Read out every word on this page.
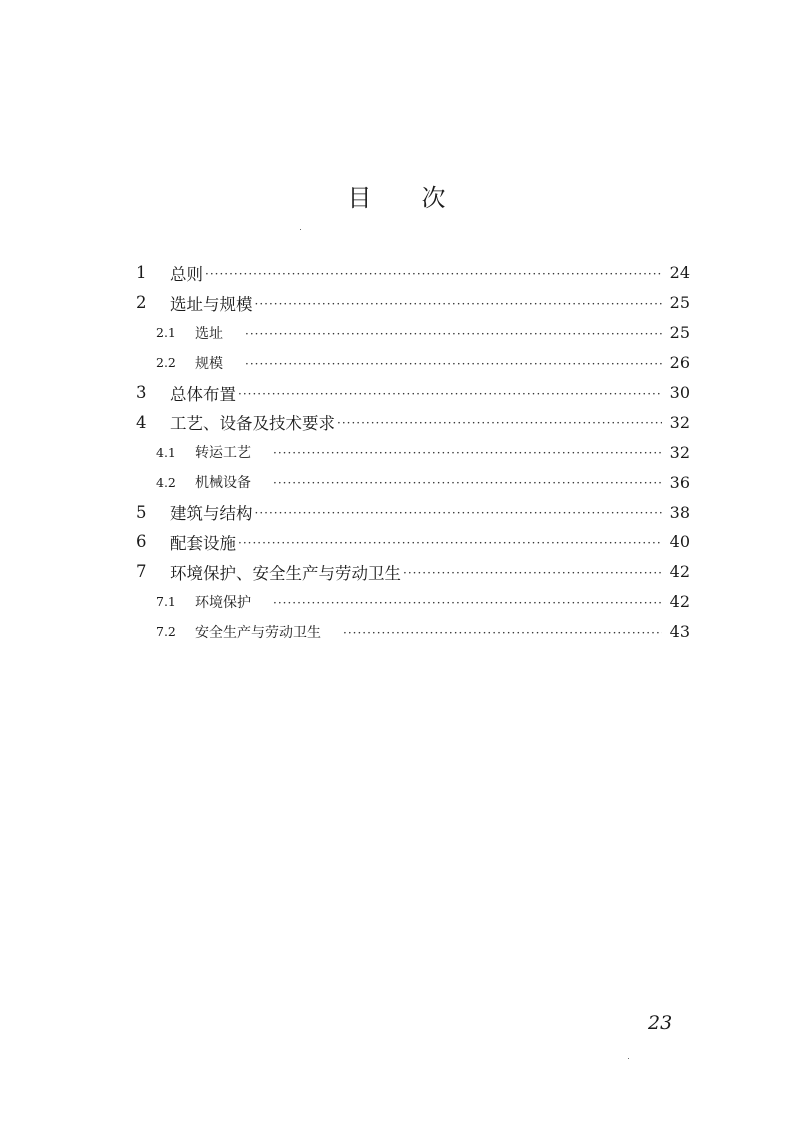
目 次
1	总则 ·····	24
2	选址与规模 ·····	25
2.1	选址 ·····	25
2.2	规模 ·····	26
3	总体布置 ·····	30
4	工艺、设备及技术要求 ·····	32
4.1	转运工艺 ·····	32
4.2	机械设备 ·····	36
5	建筑与结构 ·····	38
6	配套设施 ·····	40
7	环境保护、安全生产与劳动卫生 ·····	42
7.1	环境保护 ·····	42
7.2	安全生产与劳动卫生 ·····	43
23
